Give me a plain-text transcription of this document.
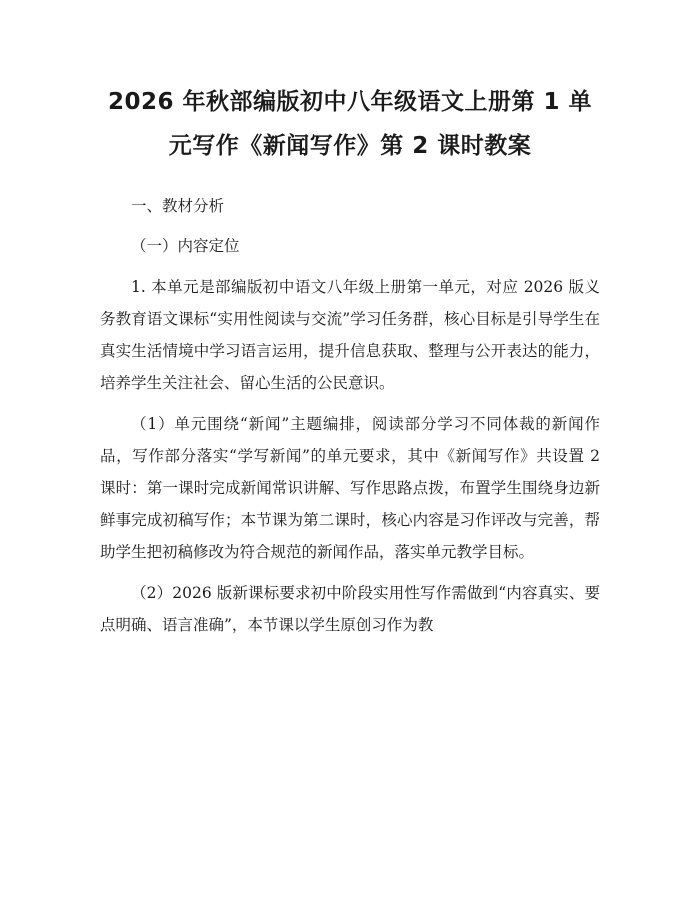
2026 年秋部编版初中八年级语文上册第 1 单
元写作《新闻写作》第 2 课时教案

一、教材分析

（一）内容定位

1. 本单元是部编版初中语文八年级上册第一单元，对应 2026 版义务教育语文课标“实用性阅读与交流”学习任务群，核心目标是引导学生在真实生活情境中学习语言运用，提升信息获取、整理与公开表达的能力，培养学生关注社会、留心生活的公民意识。

（1）单元围绕“新闻”主题编排，阅读部分学习不同体裁的新闻作品，写作部分落实“学写新闻”的单元要求，其中《新闻写作》共设置 2 课时：第一课时完成新闻常识讲解、写作思路点拨，布置学生围绕身边新鲜事完成初稿写作；本节课为第二课时，核心内容是习作评改与完善，帮助学生把初稿修改为符合规范的新闻作品，落实单元教学目标。

（2）2026 版新课标要求初中阶段实用性写作需做到“内容真实、要点明确、语言准确”，本节课以学生原创习作为教
